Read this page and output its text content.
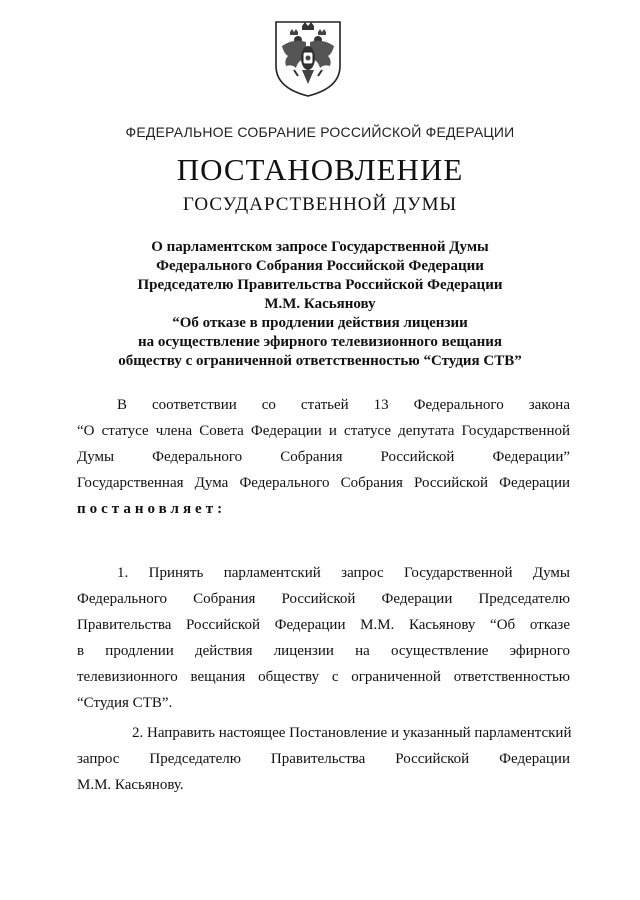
ФЕДЕРАЛЬНОЕ СОБРАНИЕ РОССИЙСКОЙ ФЕДЕРАЦИИ
ПОСТАНОВЛЕНИЕ
ГОСУДАРСТВЕННОЙ ДУМЫ
О парламентском запросе Государственной Думы
Федерального Собрания Российской Федерации
Председателю Правительства Российской Федерации
М.М. Касьянову
“Об отказе в продлении действия лицензии
на осуществление эфирного телевизионного вещания
обществу с ограниченной ответственностью “Студия СТВ”
В соответствии со статьей 13 Федерального закона
“О статусе члена Совета Федерации и статусе депутата Государственной
Думы Федерального Собрания Российской Федерации”
Государственная Дума Федерального Собрания Российской Федерации
постановляет:
1. Принять парламентский запрос Государственной Думы
Федерального Собрания Российской Федерации Председателю
Правительства Российской Федерации М.М. Касьянову “Об отказе
в продлении действия лицензии на осуществление эфирного
телевизионного вещания обществу с ограниченной ответственностью
“Студия СТВ”.
2. Направить настоящее Постановление и указанный парламентский
запрос Председателю Правительства Российской Федерации
М.М. Касьянову.
